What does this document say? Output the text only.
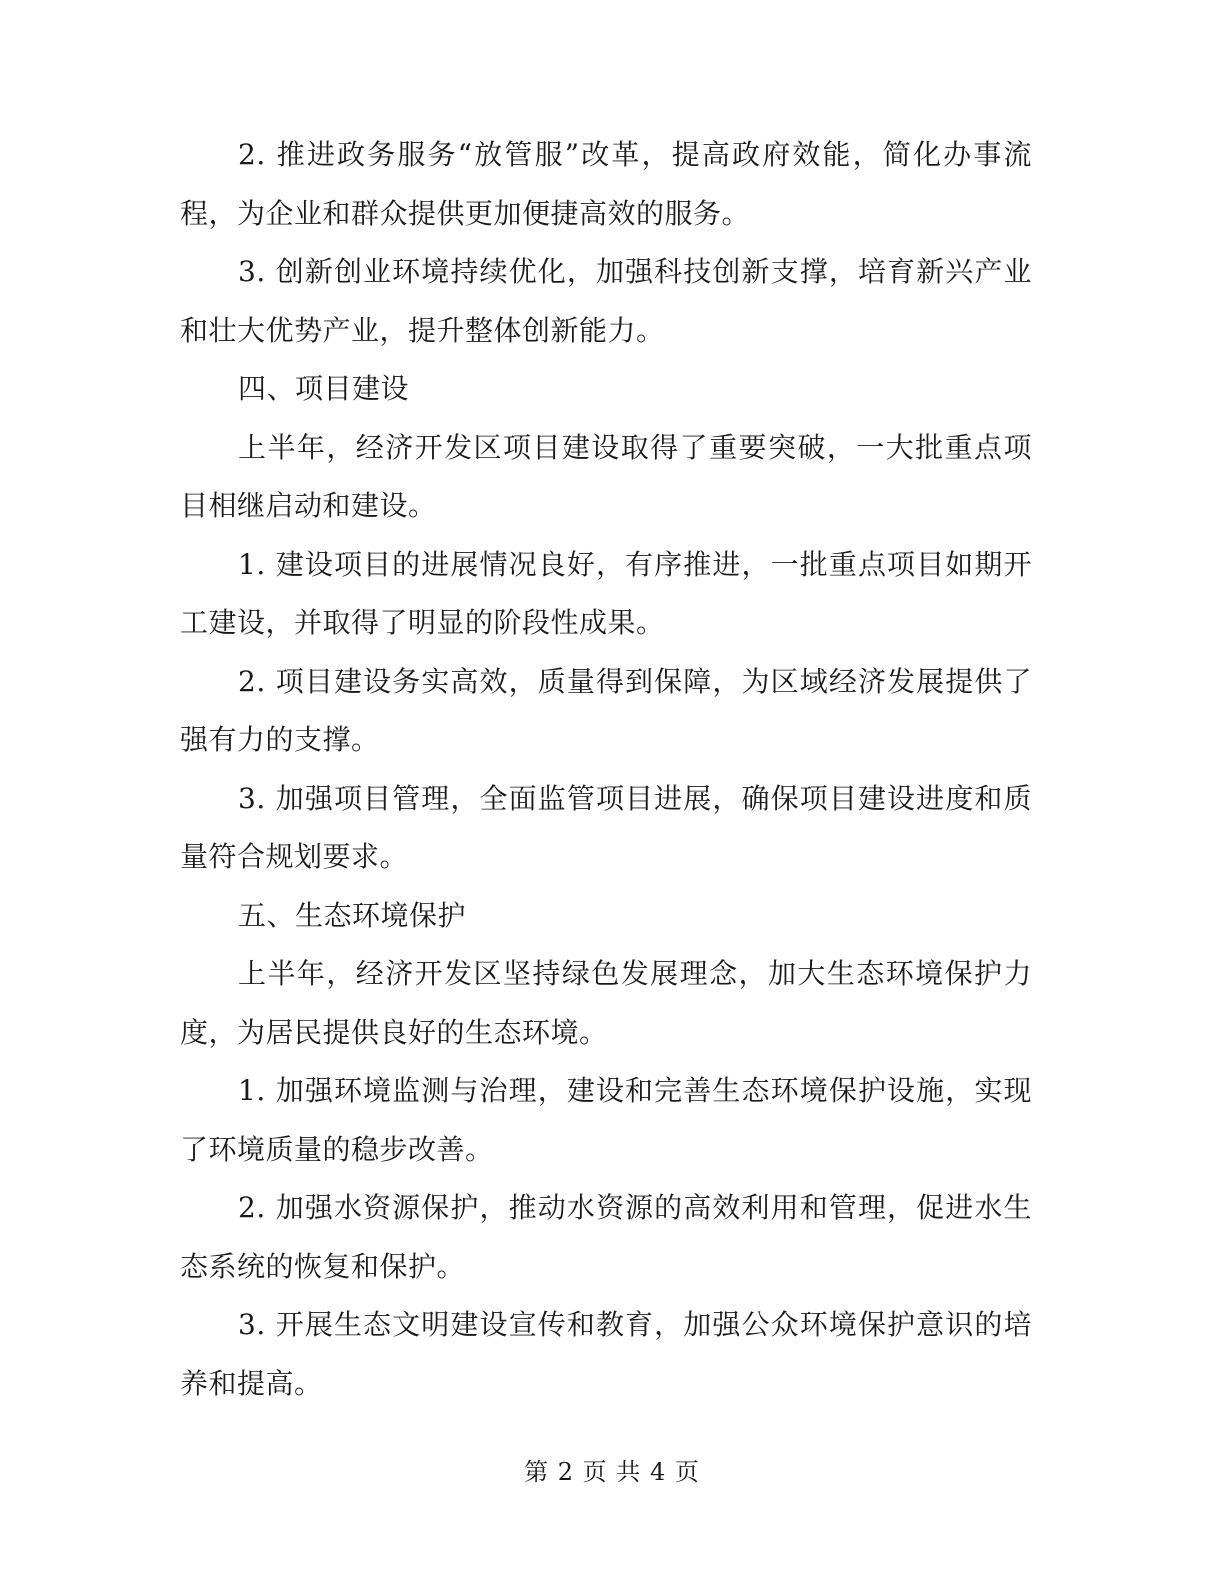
2. 推进政务服务“放管服”改革，提高政府效能，简化办事流程，为企业和群众提供更加便捷高效的服务。

3. 创新创业环境持续优化，加强科技创新支撑，培育新兴产业和壮大优势产业，提升整体创新能力。

四、项目建设

上半年，经济开发区项目建设取得了重要突破，一大批重点项目相继启动和建设。

1. 建设项目的进展情况良好，有序推进，一批重点项目如期开工建设，并取得了明显的阶段性成果。

2. 项目建设务实高效，质量得到保障，为区域经济发展提供了强有力的支撑。

3. 加强项目管理，全面监管项目进展，确保项目建设进度和质量符合规划要求。

五、生态环境保护

上半年，经济开发区坚持绿色发展理念，加大生态环境保护力度，为居民提供良好的生态环境。

1. 加强环境监测与治理，建设和完善生态环境保护设施，实现了环境质量的稳步改善。

2. 加强水资源保护，推动水资源的高效利用和管理，促进水生态系统的恢复和保护。

3. 开展生态文明建设宣传和教育，加强公众环境保护意识的培养和提高。

第 2 页 共 4 页
